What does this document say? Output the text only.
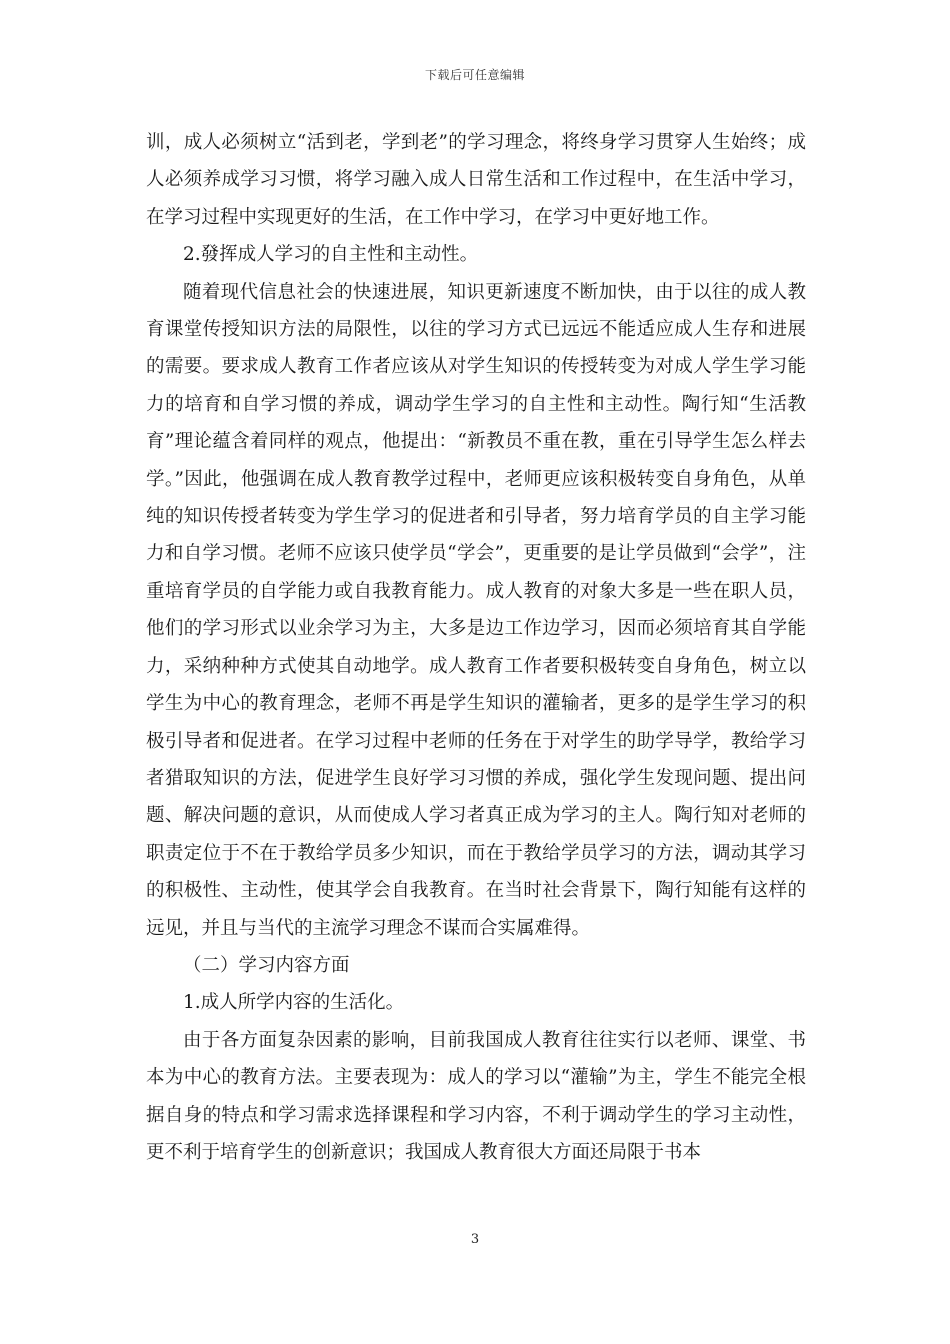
下载后可任意编辑

训，成人必须树立“活到老，学到老”的学习理念，将终身学习贯穿人生始终；成人必须养成学习习惯，将学习融入成人日常生活和工作过程中，在生活中学习，在学习过程中实现更好的生活，在工作中学习，在学习中更好地工作。

2.發挥成人学习的自主性和主动性。

随着现代信息社会的快速进展，知识更新速度不断加快，由于以往的成人教育课堂传授知识方法的局限性，以往的学习方式已远远不能适应成人生存和进展的需要。要求成人教育工作者应该从对学生知识的传授转变为对成人学生学习能力的培育和自学习惯的养成，调动学生学习的自主性和主动性。陶行知“生活教育”理论蕴含着同样的观点，他提出：“新教员不重在教，重在引导学生怎么样去学。”因此，他强调在成人教育教学过程中，老师更应该积极转变自身角色，从单纯的知识传授者转变为学生学习的促进者和引导者，努力培育学员的自主学习能力和自学习惯。老师不应该只使学员“学会”，更重要的是让学员做到“会学”，注重培育学员的自学能力或自我教育能力。成人教育的对象大多是一些在职人员，他们的学习形式以业余学习为主，大多是边工作边学习，因而必须培育其自学能力，采纳种种方式使其自动地学。成人教育工作者要积极转变自身角色，树立以学生为中心的教育理念，老师不再是学生知识的灌输者，更多的是学生学习的积极引导者和促进者。在学习过程中老师的任务在于对学生的助学导学，教给学习者猎取知识的方法，促进学生良好学习习惯的养成，强化学生发现问题、提出问题、解决问题的意识，从而使成人学习者真正成为学习的主人。陶行知对老师的职责定位于不在于教给学员多少知识，而在于教给学员学习的方法，调动其学习的积极性、主动性，使其学会自我教育。在当时社会背景下，陶行知能有这样的远见，并且与当代的主流学习理念不谋而合实属难得。

（二）学习内容方面

1.成人所学内容的生活化。

由于各方面复杂因素的影响，目前我国成人教育往往实行以老师、课堂、书本为中心的教育方法。主要表现为：成人的学习以“灌输”为主，学生不能完全根据自身的特点和学习需求选择课程和学习内容，不利于调动学生的学习主动性，更不利于培育学生的创新意识；我国成人教育很大方面还局限于书本

3
